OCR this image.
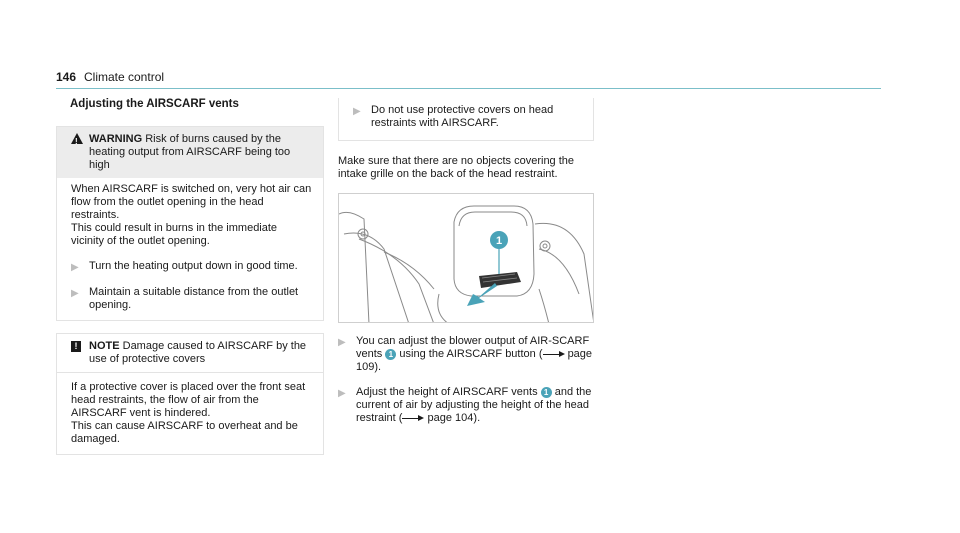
146 Climate control
Adjusting the AIRSCARF vents
!
WARNING Risk of burns caused by the heating output from AIRSCARF being too high

When AIRSCARF is switched on, very hot air can flow from the outlet opening in the head restraints.

This could result in burns in the immediate vicinity of the outlet opening.

▶ Turn the heating output down in good time.
▶ Maintain a suitable distance from the outlet opening.
!	NOTE Damage caused to AIRSCARF by the use of protective covers

If a protective cover is placed over the front seat head restraints, the flow of air from the AIRSCARF vent is hindered.

This can cause AIRSCARF to overheat and be damaged.

▶ Do not use protective covers on head restraints with AIRSCARF.

Make sure that there are no objects covering the intake grille on the back of the head restraint.

1
▶ You can adjust the blower output of AIR-SCARF vents 1 using the AIRSCARF button ( page 109).
▶ Adjust the height of AIRSCARF vents 1 and the current of air by adjusting the height of the head restraint ( page 104).
